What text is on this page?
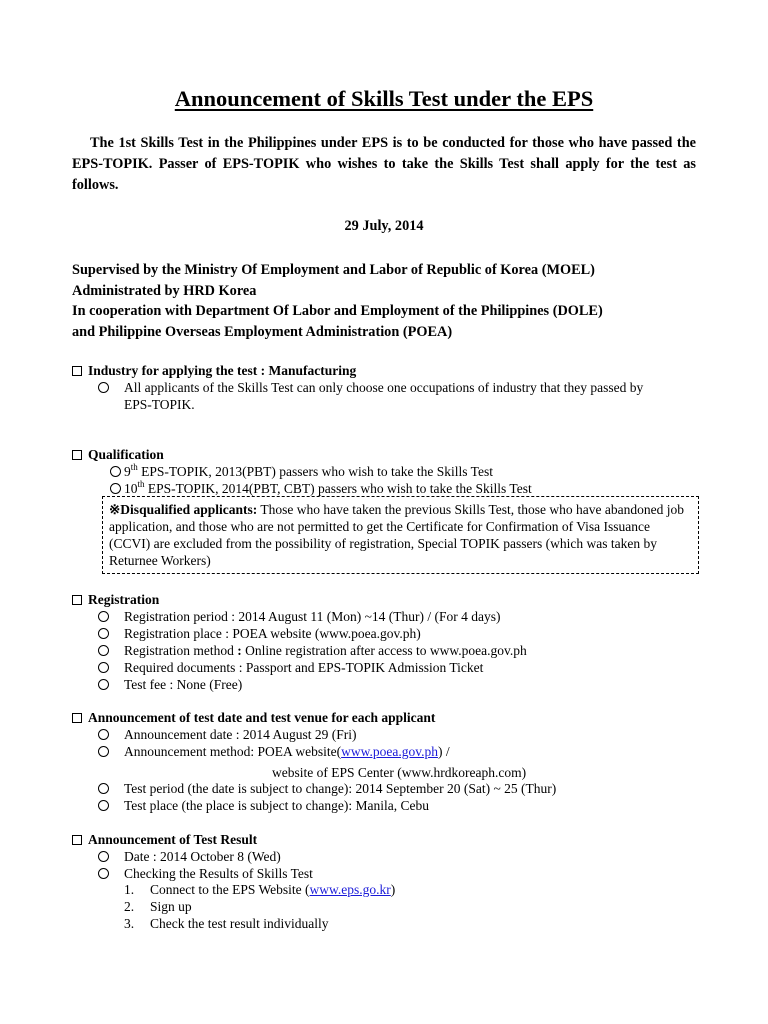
Announcement of Skills Test under the EPS
The 1st Skills Test in the Philippines under EPS is to be conducted for those who have passed the EPS-TOPIK. Passer of EPS-TOPIK who wishes to take the Skills Test shall apply for the test as follows.
29 July, 2014
Supervised by the Ministry Of Employment and Labor of Republic of Korea (MOEL)
Administrated by HRD Korea
In cooperation with Department Of Labor and Employment of the Philippines (DOLE)
and Philippine Overseas Employment Administration (POEA)
Industry for applying the test : Manufacturing
All applicants of the Skills Test can only choose one occupations of industry that they passed by EPS-TOPIK.
Qualification
9th EPS-TOPIK, 2013(PBT) passers who wish to take the Skills Test
10th EPS-TOPIK, 2014(PBT, CBT) passers who wish to take the Skills Test
※Disqualified applicants: Those who have taken the previous Skills Test, those who have abandoned job application, and those who are not permitted to get the Certificate for Confirmation of Visa Issuance (CCVI) are excluded from the possibility of registration, Special TOPIK passers (which was taken by Returnee Workers)
Registration
Registration period : 2014 August 11 (Mon) ~14 (Thur) / (For 4 days)
Registration place : POEA website (www.poea.gov.ph)
Registration method : Online registration after access to www.poea.gov.ph
Required documents : Passport and EPS-TOPIK Admission Ticket
Test fee : None (Free)
Announcement of test date and test venue for each applicant
Announcement date : 2014 August 29 (Fri)
Announcement method: POEA website(www.poea.gov.ph) /
website of EPS Center (www.hrdkoreaph.com)
Test period (the date is subject to change): 2014 September 20 (Sat) ~ 25 (Thur)
Test place (the place is subject to change): Manila, Cebu
Announcement of Test Result
Date : 2014 October 8 (Wed)
Checking the Results of Skills Test
1. Connect to the EPS Website (www.eps.go.kr)
2. Sign up
3. Check the test result individually
